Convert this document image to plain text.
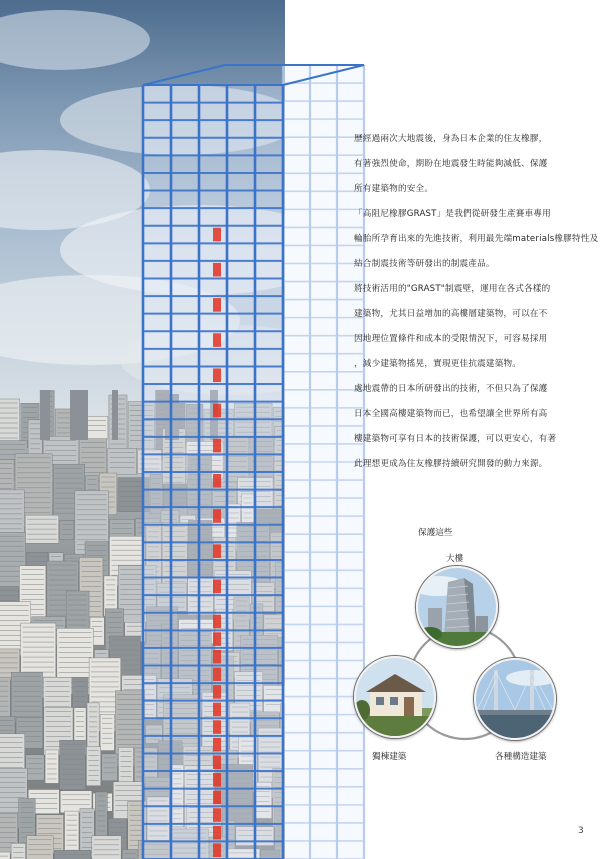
歷經過兩次大地震後，身為日本企業的住友橡膠，

有著強烈使命，期盼在地震發生時能夠減低、保護

所有建築物的安全。

「高阻尼橡膠GRAST」是我們從研發生產賽車專用

輪胎所孕育出來的先進技術，利用最先端materials橡膠特性及

結合制震技術等研發出的制震產品。

將技術活用的"GRAST"制震壁，運用在各式各樣的

建築物，尤其日益增加的高樓層建築物，可以在不

因地理位置條件和成本的受限情況下，可容易採用

，減少建築物搖晃，實現更佳抗震建築物。

處地震帶的日本所研發出的技術，不但只為了保護

日本全國高樓建築物而已，也希望讓全世界所有高

樓建築物可享有日本的技術保護，可以更安心，有著

此理想更成為住友橡膠持續研究開發的動力來源。

保護這些
大樓
獨棟建築	各種構造建築
3
